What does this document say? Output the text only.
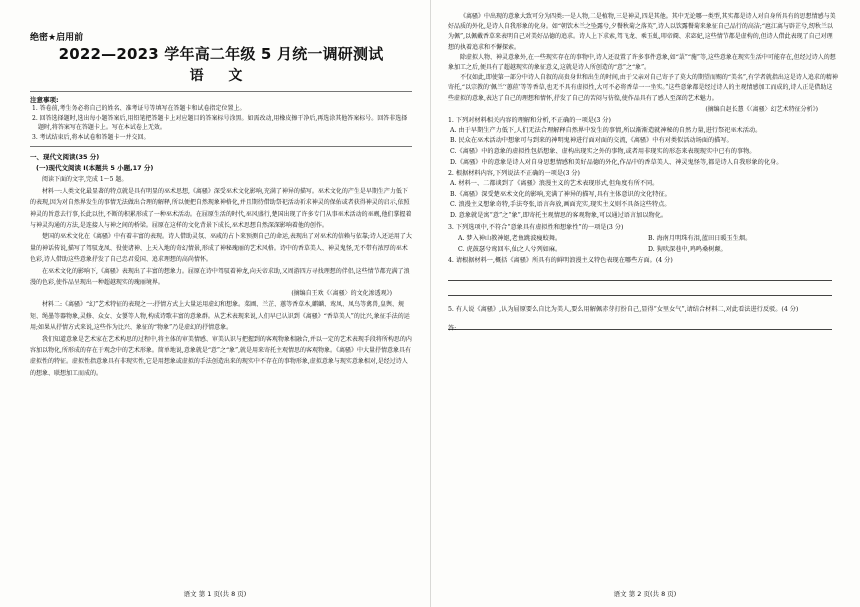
绝密★启用前

2022—2023 学年高二年级 5 月统一调研测试

语 文

注意事项:

1. 答卷前,考生务必将自己的姓名、准考证号等填写在答题卡和试卷指定位置上。

2. 回答选择题时,选出每小题答案后,用铅笔把答题卡上对应题目的答案标号涂黑。如需改动,用橡皮擦干净后,再选涂其他答案标号。回答非选择题时,将答案写在答题卡上。写在本试卷上无效。

3. 考试结束后,将本试卷和答题卡一并交回。

一、现代文阅读(35 分)

(一)现代文阅读 I(本题共 5 小题,17 分)

阅读下面的文字,完成 1～5 题。

材料一:人类文化最显著的特点就是具有明显的巫术思想,《离骚》深受巫术文化影响,充满了神异的描写。巫术文化的产生是早期生产力低下的表现,因为对自然界发生的事情无法做出合理的解释,所以便把自然现象神格化,并且期待借助祭祀活动祈求神灵的保佑或者获得神灵的启示,依照神灵的旨意去行事,长此以往,不断的积累形成了一种巫术活动。在屈原生活的时代,巫风盛行,楚国出现了许多专门从事巫术活动的巫觋,他们掌握着与神灵沟通的方法,是连接人与神之间的桥梁。屈原在这样的文化背景下成长,巫术思想自然深深影响着他的创作。

楚国的巫术文化在《离骚》中有着丰富的表现。诗人借助灵氛、巫咸的占卜来预测自己的命运,表现出了对巫术的信赖与依靠;诗人还运用了大量的神话传说,描写了驾驭龙凤、役使诸神、上天入地的奇幻情景,形成了神秘瑰丽的艺术风格。诗中的香草美人、神灵鬼怪,无不带有浓厚的巫术色彩,诗人借助这些意象抒发了自己忠君爱国、追求理想的高尚情怀。

在巫术文化的影响下,《离骚》表现出了丰富的想象力。屈原在诗中驾驭着神龙,向天帝求助,又周游四方寻找理想的伴侣,这些情节都充满了浪漫的色彩,使作品呈现出一种超越现实的瑰丽境界。

(摘编自王欢《〈离骚〉的文化渗透观》)

材料二:《离骚》“幻”艺术特征的表现之一:抒情方式上大量运用虚幻和想象。菜圃、兰芷、蕙等香草木,麒麟、鸾凤、凤鸟等禽兽,皇舆、规矩、绳墨等器物象,灵修、众女、女嬃等人物,构成诗歌丰富的意象群。从艺术表现来说,人们早已认识到《离骚》“香草美人”的比兴,象征手法的运用;如果从抒情方式来说,这些作为比兴、象征的“物象”乃是虚幻的抒情意象。

我们知道意象是艺术家在艺术构思的过程中,将主体的审美情感、审美认识与把握到的客观物象相融合,并以一定的艺术表现手段将所构思的内容加以物化,所形成的存在于观念中的艺术形象。简单地说,意象就是“意”之“象”,就是用来寄托主观情思的客观物象。《离骚》中大量抒情意象具有虚拟性的特征。虚拟性指意象具有非现实性,它是用想象或虚拟的手法创造出来的现实中不存在的事物形象,虚拟意象与现实意象相对,是经过诗人的想象、联想加工而成的。

语文 第 1 页(共 8 页)

《离骚》中出现的意象大致可分为四类:一是人物,二是植物,三是神灵,四是其他。其中无论哪一类型,其实都是诗人对自身所具有的思想情感与美好品质的外化,是诗人自我形象的化身。如“朝饮木兰之坠露兮,夕餐秋菊之落英”,诗人以饮露餐菊来象征自己品行的高洁;“扈江离与辟芷兮,纫秋兰以为佩”,以佩戴香草来表明自己对美好品德的追求。诗人上下求索,驾飞龙、乘玉虬,叩帝阍、求宓妃,这些情节都是虚构的,但诗人借此表现了自己对理想的执着追求和不懈探索。

除虚拟人物、神灵意象外,在一些现实存在的事物中,诗人还设置了许多事件意象,如“菉”“葹”等,这些意象在现实生活中可能存在,但经过诗人的想象加工之后,便具有了超越现实的象征意义,这就是诗人所创造的“意”之“象”。

不仅如此,即使第一部分中诗人自叙的高贵身世和出生的时间,由于父亲对自己寄予了莫大的期望而赐的“美名”,有学者就指出这是诗人追求的精神寄托,“以宗教的‘佩兰’‘蕙茝’等等香草,也无不具有虚拟性,大可不必将香草一一坐实。”这些意象都是经过诗人的主观情感加工而成的,诗人正是借助这些虚拟的意象,表达了自己的理想和情怀,抒发了自己的苦闷与彷徨,使作品具有了感人至深的艺术魅力。

(摘编自赵长慧《〈离骚〉幻艺术特征分析》)

1. 下列对材料相关内容的理解和分析,不正确的一项是(3 分)

A. 由于早期生产力低下,人们无法合理解释自然界中发生的事情,所以渐渐造就神秘的自然力量,进行祭祀巫术活动。

B. 民众在巫术活动中想象可与到来的神明鬼神进行面对面的交流,《离骚》中有对类似活动场面的描写。

C.《离骚》中的意象的虚拟性包括想象、虚构出现实之外的事物,或者用非现实的形态来表现现实中已有的事物。

D.《离骚》中的意象是诗人对自身思想情感和美好品德的外化,作品中的香草美人、神灵鬼怪等,都是诗人自我形象的化身。

2. 根据材料内容,下列说法不正确的一项是(3 分)

A. 材料一、二都谈到了《离骚》浪漫主义的艺术表现形式,但角度有所不同。

B.《离骚》深受楚巫术文化的影响,充满了神异的描写,具有主体意识的文化特征。

C. 浪漫主义想象奇特,手法夸张,语言奔放,画面充实,现实主义则不具备这些特点。

D. 意象就是寓“意”之“象”,即寄托主观情思的客观物象,可以通过语言加以物化。

3. 下列选项中,不符合“意象具有虚拟性和想象性”的一项是(3 分)

A. 梦入神山教神妪,老鱼跳波瘦蛟舞。	B. 海南月明珠有泪,蓝田日暖玉生烟。
C. 虎鼓瑟兮鸾回车,仙之人兮列如麻。	D. 狗吠深巷中,鸡鸣桑树颠。

4. 请根据材料一,概括《离骚》所具有的鲜明浪漫主义特色表现在哪些方面。(4 分)

5. 有人说《离骚》,认为屈原要么自比为美人,要么用解佩赤芽打扮自己,显得“女里女气”,请结合材料二,对此看法进行反驳。(4 分)

答:
语文 第 2 页(共 8 页)
